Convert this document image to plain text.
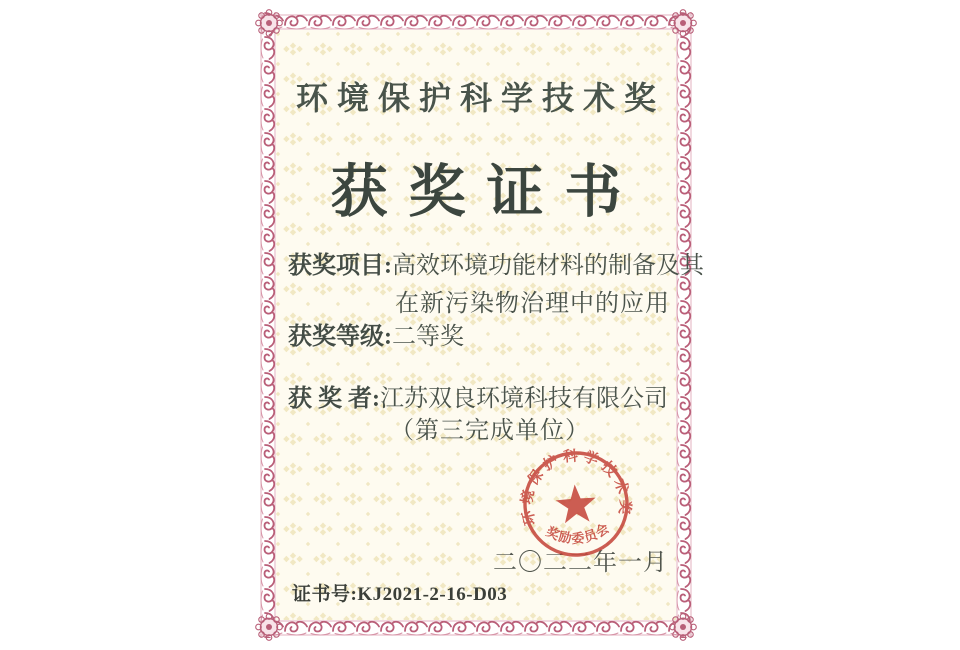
环境保护科学技术奖
获奖证书
获奖项目:高效环境功能材料的制备及其
在新污染物治理中的应用
获奖等级:二等奖
获 奖 者:江苏双良环境科技有限公司
（第三完成单位）
二〇二二年一月
环境保护科学技术奖
奖励委员会
证书号:KJ2021-2-16-D03
